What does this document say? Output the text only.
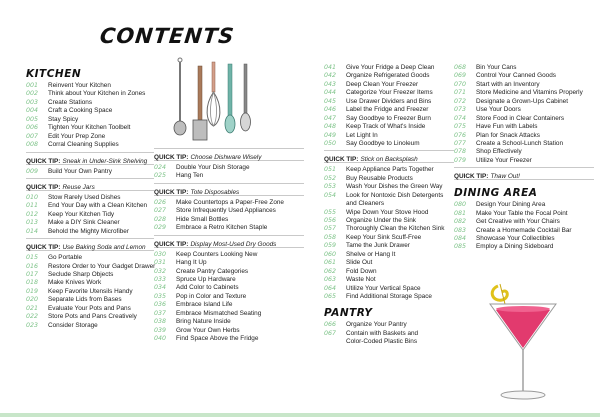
CONTENTS
KITCHEN
001	Reinvent Your Kitchen
002	Think about Your Kitchen in Zones
003	Create Stations
004	Craft a Cooking Space
005	Stay Spicy
006	Tighten Your Kitchen Toolbelt
007	Edit Your Prep Zone
008	Corral Cleaning Supplies
QUICK TIP: Sneak in Under-Sink Shelving
009	Build Your Own Pantry
QUICK TIP: Reuse Jars
010	Stow Rarely Used Dishes
011	End Your Day with a Clean Kitchen
012	Keep Your Kitchen Tidy
013	Make a DIY Sink Cleaner
014	Behold the Mighty Microfiber
QUICK TIP: Use Baking Soda and Lemon
015	Go Portable
016	Restore Order to Your Gadget Drawer
017	Seclude Sharp Objects
018	Make Knives Work
019	Keep Favorite Utensils Handy
020	Separate Lids from Bases
021	Evaluate Your Pots and Pans
022	Store Pots and Pans Creatively
023	Consider Storage
QUICK TIP: Choose Dishware Wisely
024	Double Your Dish Storage
025	Hang Ten
QUICK TIP: Tote Disposables
026	Make Countertops a Paper-Free Zone
027	Store Infrequently Used Appliances
028	Hide Small Bottles
029	Embrace a Retro Kitchen Staple
QUICK TIP: Display Most-Used Dry Goods
030	Keep Counters Looking New
031	Hang It Up
032	Create Pantry Categories
033	Spruce Up Hardware
034	Add Color to Cabinets
035	Pop in Color and Texture
036	Embrace Island Life
037	Embrace Mismatched Seating
038	Bring Nature Inside
039	Grow Your Own Herbs
040	Find Space Above the Fridge
041	Give Your Fridge a Deep Clean
042	Organize Refrigerated Goods
043	Deep Clean Your Freezer
044	Categorize Your Freezer Items
045	Use Drawer Dividers and Bins
046	Label the Fridge and Freezer
047	Say Goodbye to Freezer Burn
048	Keep Track of What's Inside
049	Let Light In
050	Say Goodbye to Linoleum
QUICK TIP: Stick on Backsplash
051	Keep Appliance Parts Together
052	Buy Reusable Products
053	Wash Your Dishes the Green Way
054	Look for Nontoxic Dish Detergents
and Cleaners
055	Wipe Down Your Stove Hood
056	Organize Under the Sink
057	Thoroughly Clean the Kitchen Sink
058	Keep Your Sink Scuff-Free
059	Tame the Junk Drawer
060	Shelve or Hang It
061	Slide Out
062	Fold Down
063	Waste Not
064	Utilize Your Vertical Space
065	Find Additional Storage Space
PANTRY
066	Organize Your Pantry
067	Contain with Baskets and
Color-Coded Plastic Bins
068	Bin Your Cans
069	Control Your Canned Goods
070	Start with an Inventory
071	Store Medicine and Vitamins Properly
072	Designate a Grown-Ups Cabinet
073	Use Your Doors
074	Store Food in Clear Containers
075	Have Fun with Labels
076	Plan for Snack Attacks
077	Create a School-Lunch Station
078	Shop Effectively
079	Utilize Your Freezer
QUICK TIP: Thaw Out!
DINING AREA
080	Design Your Dining Area
081	Make Your Table the Focal Point
082	Get Creative with Your Chairs
083	Create a Homemade Cocktail Bar
084	Showcase Your Collectibles
085	Employ a Dining Sideboard
